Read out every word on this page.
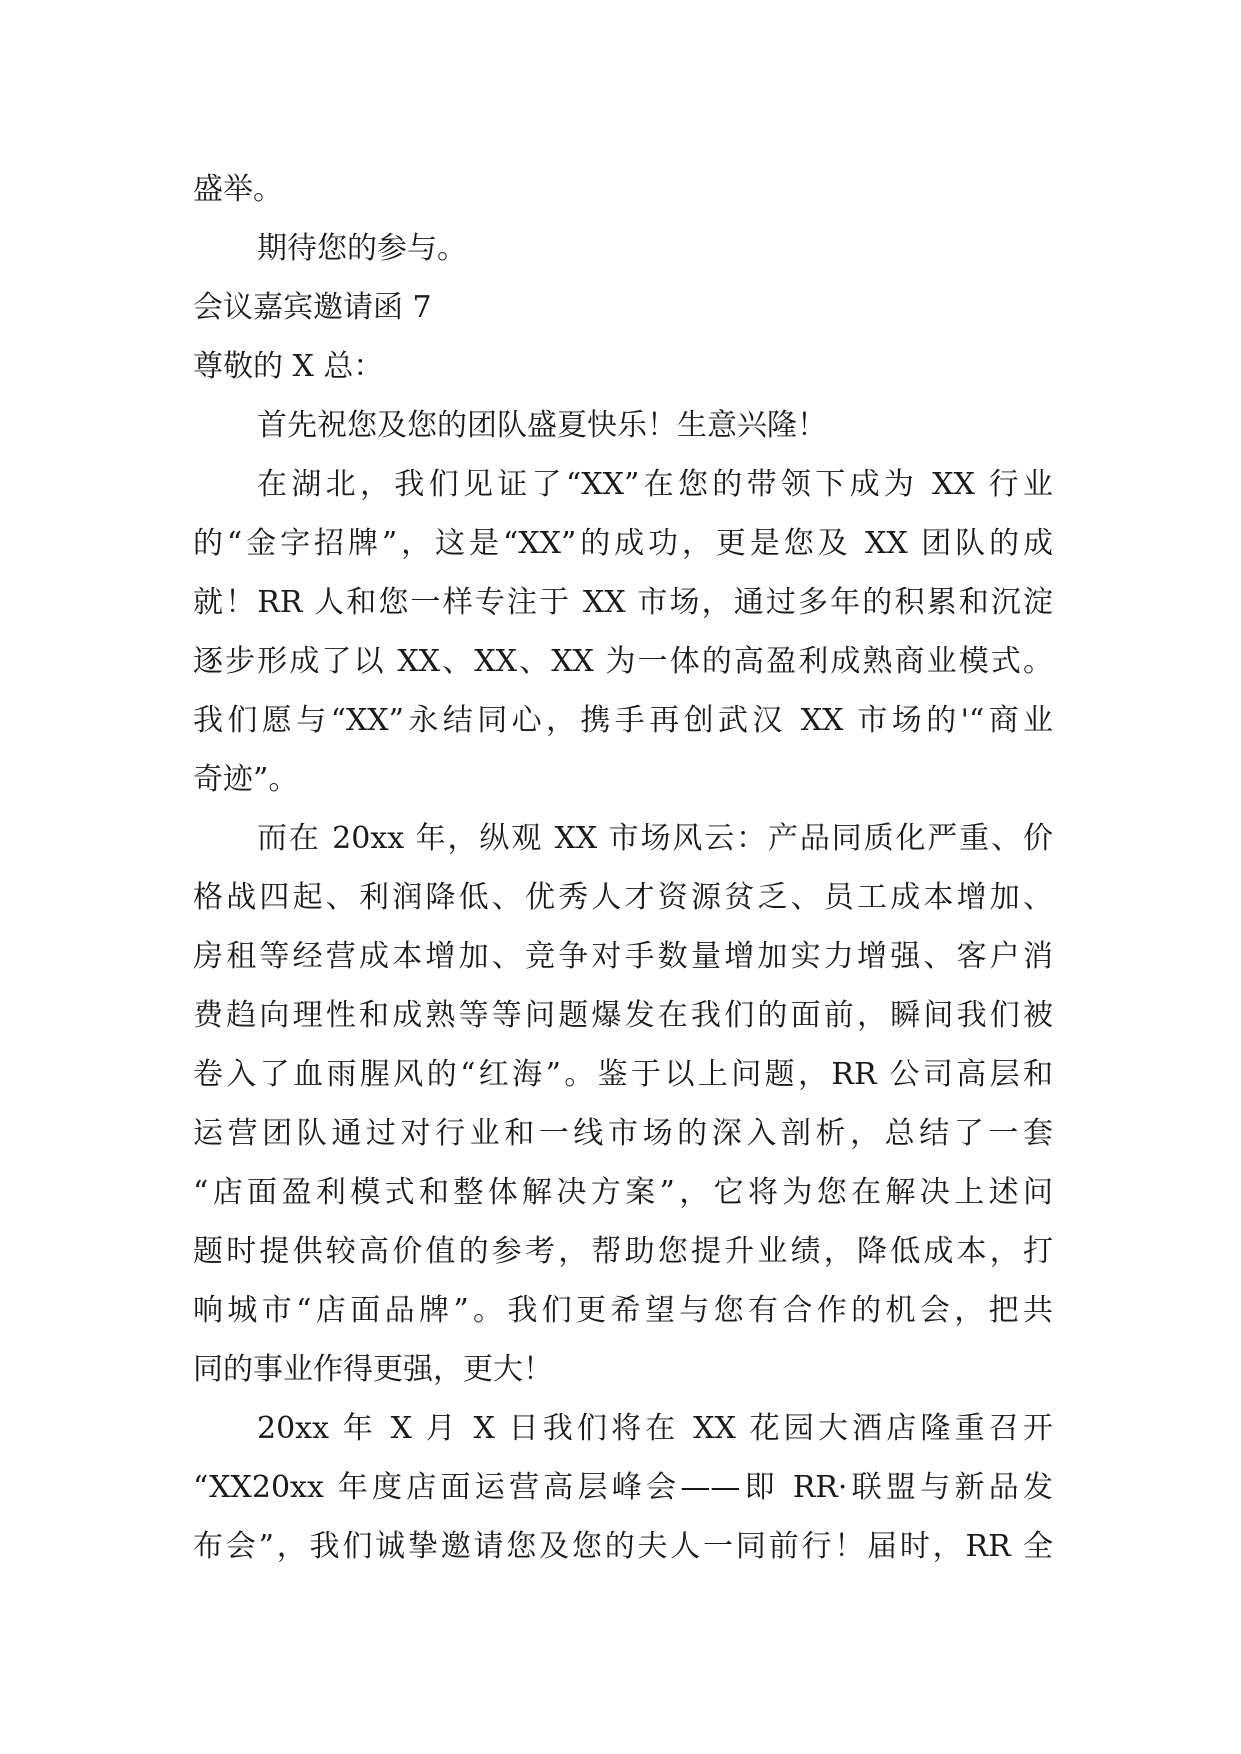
盛举。
期待您的参与。
会议嘉宾邀请函 7
尊敬的 X 总：
首先祝您及您的团队盛夏快乐！生意兴隆！
在湖北，我们见证了“XX”在您的带领下成为 XX 行业
的“金字招牌”，这是“XX”的成功，更是您及 XX 团队的成
就！RR 人和您一样专注于 XX 市场，通过多年的积累和沉淀
逐步形成了以 XX、XX、XX 为一体的高盈利成熟商业模式。
我们愿与“XX”永结同心，携手再创武汉 XX 市场的'“商业
奇迹”。
而在 20xx 年，纵观 XX 市场风云：产品同质化严重、价
格战四起、利润降低、优秀人才资源贫乏、员工成本增加、
房租等经营成本增加、竞争对手数量增加实力增强、客户消
费趋向理性和成熟等等问题爆发在我们的面前，瞬间我们被
卷入了血雨腥风的“红海”。鉴于以上问题，RR 公司高层和
运营团队通过对行业和一线市场的深入剖析，总结了一套
“店面盈利模式和整体解决方案”，它将为您在解决上述问
题时提供较高价值的参考，帮助您提升业绩，降低成本，打
响城市“店面品牌”。我们更希望与您有合作的机会，把共
同的事业作得更强，更大！
20xx 年 X 月 X 日我们将在 XX 花园大酒店隆重召开
“XX20xx 年度店面运营高层峰会——即 RR·联盟与新品发
布会”，我们诚挚邀请您及您的夫人一同前行！届时，RR 全
